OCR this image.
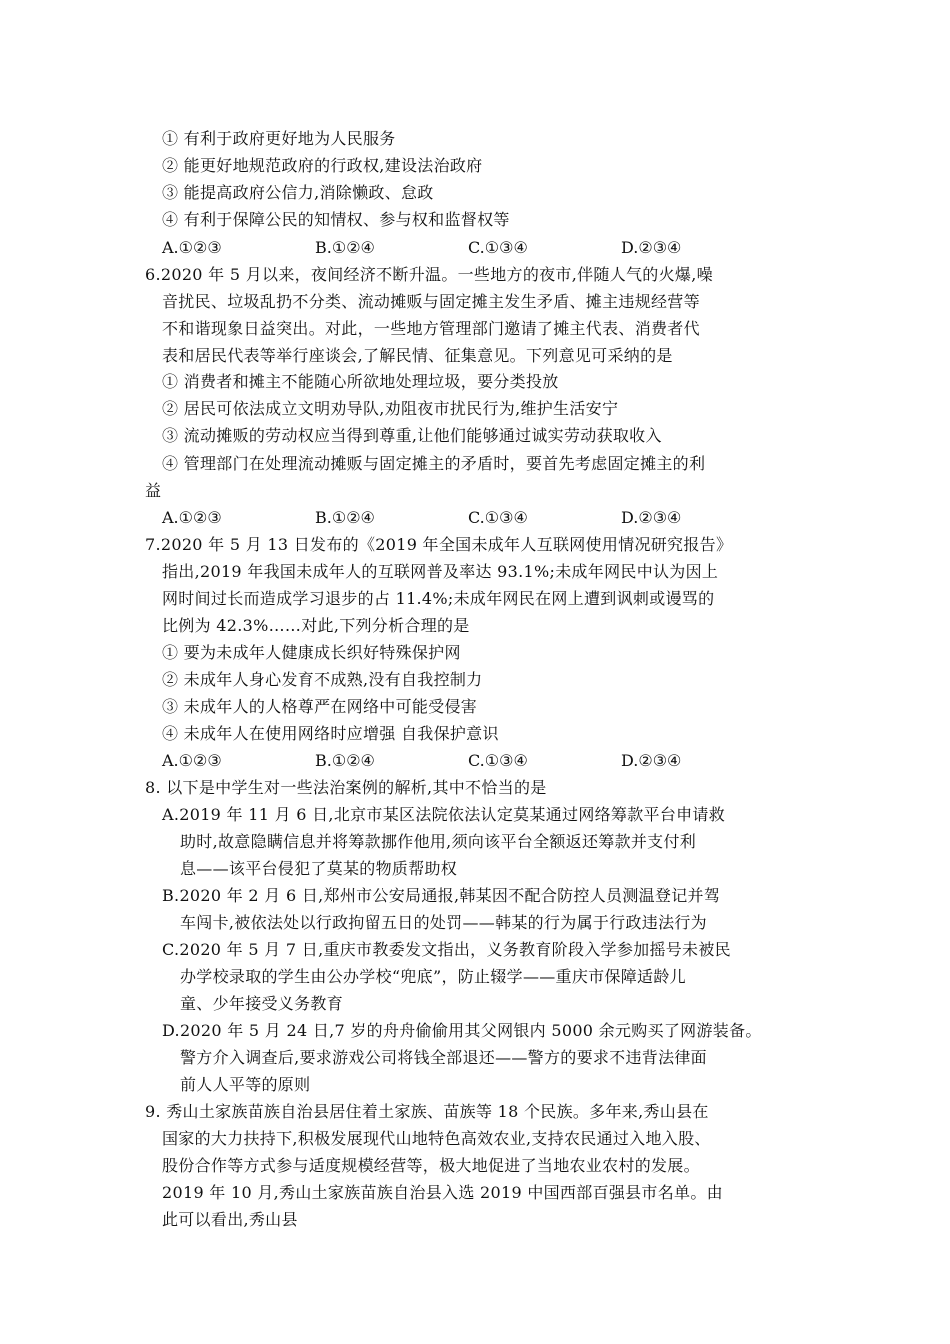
① 有利于政府更好地为人民服务
② 能更好地规范政府的行政权,建设法治政府
③ 能提高政府公信力,消除懒政、怠政
④ 有利于保障公民的知情权、参与权和监督权等
A.①②③	B.①②④	C.①③④	D.②③④
6.2020 年 5 月以来，夜间经济不断升温。一些地方的夜市,伴随人气的火爆,噪
音扰民、垃圾乱扔不分类、流动摊贩与固定摊主发生矛盾、摊主违规经营等
不和谐现象日益突出。对此，一些地方管理部门邀请了摊主代表、消费者代
表和居民代表等举行座谈会,了解民情、征集意见。下列意见可采纳的是
① 消费者和摊主不能随心所欲地处理垃圾，要分类投放
② 居民可依法成立文明劝导队,劝阻夜市扰民行为,维护生活安宁
③ 流动摊贩的劳动权应当得到尊重,让他们能够通过诚实劳动获取收入
④ 管理部门在处理流动摊贩与固定摊主的矛盾时，要首先考虑固定摊主的利
益
A.①②③	B.①②④	C.①③④	D.②③④
7.2020 年 5 月 13 日发布的《2019 年全国未成年人互联网使用情况研究报告》
指出,2019 年我国未成年人的互联网普及率达 93.1%;未成年网民中认为因上
网时间过长而造成学习退步的占 11.4%;未成年网民在网上遭到讽刺或谩骂的
比例为 42.3%……对此,下列分析合理的是
① 要为未成年人健康成长织好特殊保护网
② 未成年人身心发育不成熟,没有自我控制力
③ 未成年人的人格尊严在网络中可能受侵害
④ 未成年人在使用网络时应增强 自我保护意识
A.①②③	B.①②④	C.①③④	D.②③④
8. 以下是中学生对一些法治案例的解析,其中不恰当的是
A.2019 年 11 月 6 日,北京市某区法院依法认定莫某通过网络筹款平台申请救
助时,故意隐瞒信息并将筹款挪作他用,须向该平台全额返还筹款并支付利
息——该平台侵犯了莫某的物质帮助权
B.2020 年 2 月 6 日,郑州市公安局通报,韩某因不配合防控人员测温登记并驾
车闯卡,被依法处以行政拘留五日的处罚——韩某的行为属于行政违法行为
C.2020 年 5 月 7 日,重庆市教委发文指出，义务教育阶段入学参加摇号未被民
办学校录取的学生由公办学校“兜底”，防止辍学——重庆市保障适龄儿
童、少年接受义务教育
D.2020 年 5 月 24 日,7 岁的舟舟偷偷用其父网银内 5000 余元购买了网游装备。
警方介入调查后,要求游戏公司将钱全部退还——警方的要求不违背法律面
前人人平等的原则
9. 秀山土家族苗族自治县居住着土家族、苗族等 18 个民族。多年来,秀山县在
国家的大力扶持下,积极发展现代山地特色高效农业,支持农民通过入地入股、
股份合作等方式参与适度规模经营等，极大地促进了当地农业农村的发展。
2019 年 10 月,秀山土家族苗族自治县入选 2019 中国西部百强县市名单。由
此可以看出,秀山县
